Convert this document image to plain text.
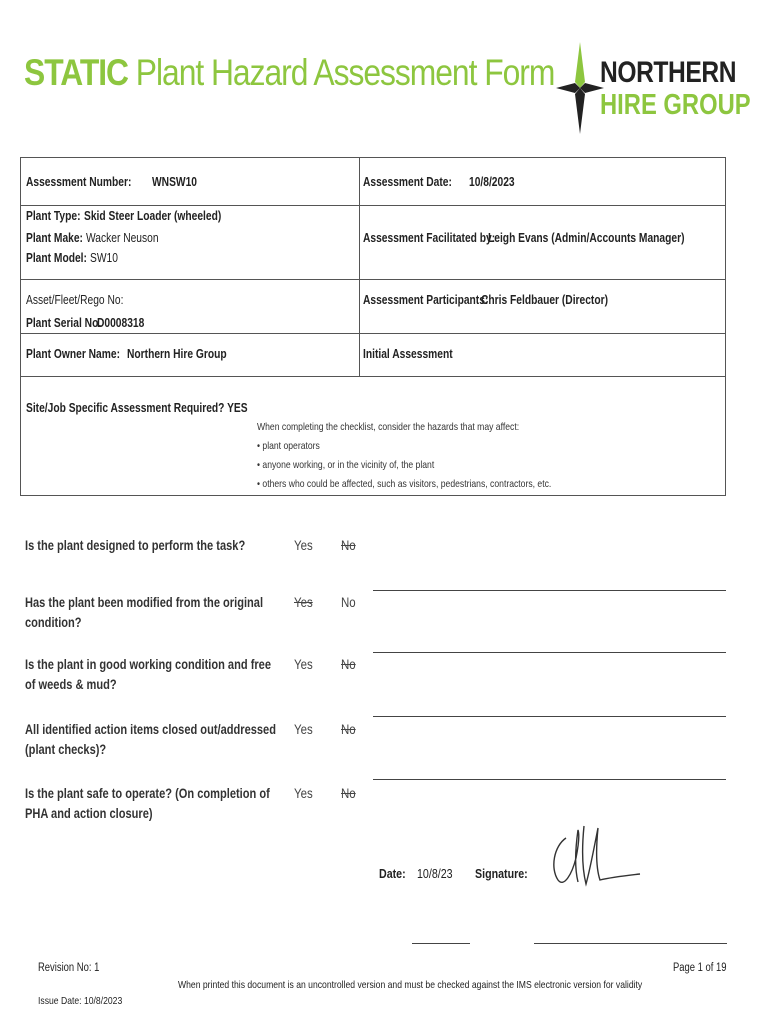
STATIC Plant Hazard Assessment Form NORTHERN
HIRE GROUP
Assessment Number: WNSW10	Assessment Date: 10/8/2023
Plant Type: Skid Steer Loader (wheeled)
Plant Make: Wacker Neuson
Plant Model: SW10
Assessment Facilitated by:
Leigh Evans (Admin/Accounts Manager)
Asset/Fleet/Rego No:
Plant Serial No.
D0008318
Assessment Participants:
Chris Feldbauer (Director)
Plant Owner Name: Northern Hire Group	Initial Assessment
Site/Job Specific Assessment Required? YES
When completing the checklist, consider the hazards that may affect:
• plant operators
• anyone working, or in the vicinity of, the plant
• others who could be affected, such as visitors, pedestrians, contractors, etc.
Is the plant designed to perform the task?	Yes No
Has the plant been modified from the original condition?
Yes No
Is the plant in good working condition and free of weeds & mud?
Yes No
All identified action items closed out/addressed (plant checks)?
Yes No
Is the plant safe to operate? (On completion of PHA and action closure)
Yes No
Date: 10/8/23 Signature:
Revision No: 1
Issue Date: 10/8/2023
When printed this document is an uncontrolled version and must be checked against the IMS electronic version for validity
Page 1 of 19
